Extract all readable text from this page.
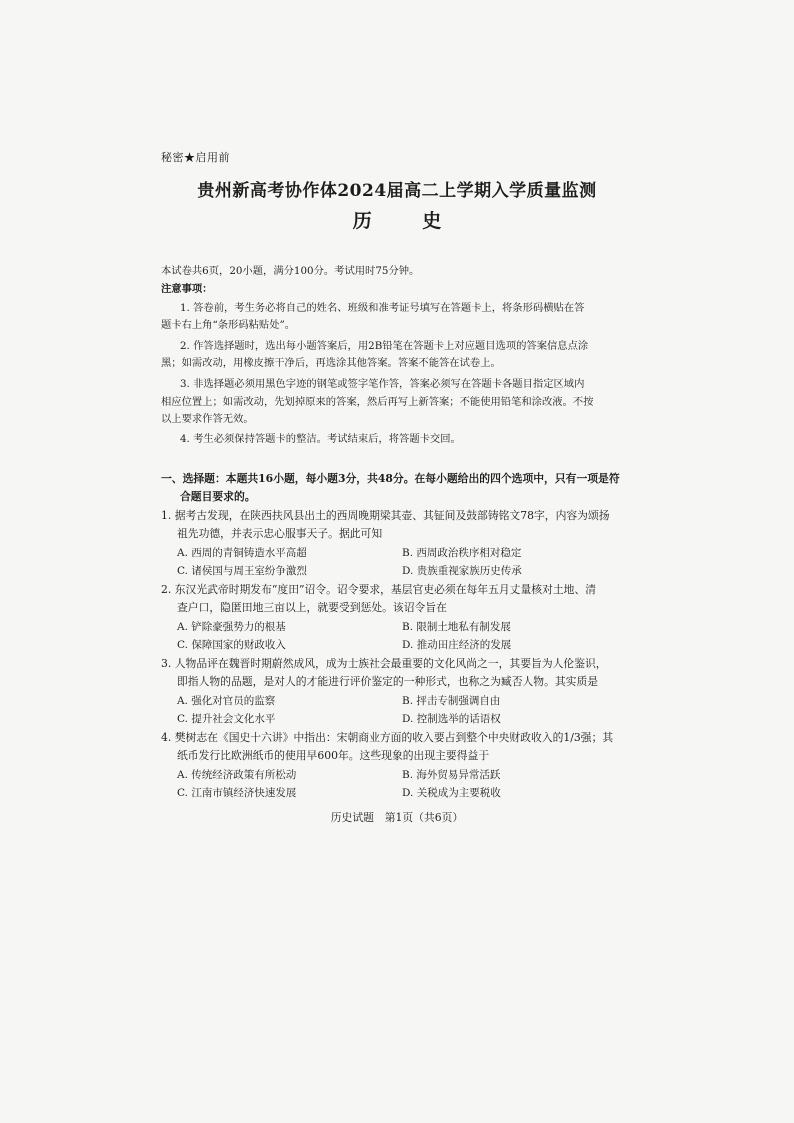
秘密★启用前
贵州新高考协作体2024届高二上学期入学质量监测
历 史
本试卷共6页，20小题，满分100分。考试用时75分钟。
注意事项：
1. 答卷前，考生务必将自己的姓名、班级和准考证号填写在答题卡上，将条形码横贴在答
题卡右上角“条形码粘贴处”。
2. 作答选择题时，选出每小题答案后，用2B铅笔在答题卡上对应题目选项的答案信息点涂
黑；如需改动，用橡皮擦干净后，再选涂其他答案。答案不能答在试卷上。
3. 非选择题必须用黑色字迹的钢笔或签字笔作答，答案必须写在答题卡各题目指定区域内
相应位置上；如需改动，先划掉原来的答案，然后再写上新答案；不能使用铅笔和涂改液。不按
以上要求作答无效。
4. 考生必须保持答题卡的整洁。考试结束后，将答题卡交回。
一、选择题：本题共16小题，每小题3分，共48分。在每小题给出的四个选项中，只有一项是符
合题目要求的。
1. 据考古发现，在陕西扶风县出土的西周晚期梁其壶、其钲间及鼓部铸铭文78字，内容为颂扬
祖先功德，并表示忠心服事天子。据此可知
A. 西周的青铜铸造水平高超	B. 西周政治秩序相对稳定
C. 诸侯国与周王室纷争激烈	D. 贵族重视家族历史传承
2. 东汉光武帝时期发布“度田”诏令。诏令要求，基层官吏必须在每年五月丈量核对土地、清
查户口，隐匿田地三亩以上，就要受到惩处。该诏令旨在
A. 铲除豪强势力的根基	B. 限制土地私有制发展
C. 保障国家的财政收入	D. 推动田庄经济的发展
3. 人物品评在魏晋时期蔚然成风，成为士族社会最重要的文化风尚之一，其要旨为人伦鉴识，
即指人物的品题，是对人的才能进行评价鉴定的一种形式，也称之为臧否人物。其实质是
A. 强化对官员的监察	B. 抨击专制强调自由
C. 提升社会文化水平	D. 控制选举的话语权
4. 樊树志在《国史十六讲》中指出：宋朝商业方面的收入要占到整个中央财政收入的1/3强；其
纸币发行比欧洲纸币的使用早600年。这些现象的出现主要得益于
A. 传统经济政策有所松动	B. 海外贸易异常活跃
C. 江南市镇经济快速发展	D. 关税成为主要税收
历史试题　第1页（共6页）
